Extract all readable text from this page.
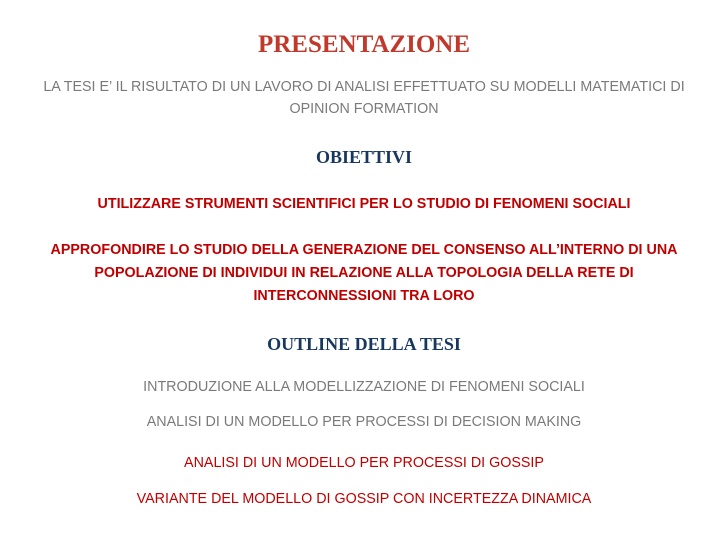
PRESENTAZIONE
LA TESI E’ IL RISULTATO DI UN LAVORO DI ANALISI EFFETTUATO SU MODELLI MATEMATICI DI
OPINION FORMATION
OBIETTIVI
UTILIZZARE STRUMENTI SCIENTIFICI PER LO STUDIO DI FENOMENI SOCIALI
APPROFONDIRE LO STUDIO DELLA GENERAZIONE DEL CONSENSO ALL’INTERNO DI UNA
POPOLAZIONE DI INDIVIDUI IN RELAZIONE ALLA TOPOLOGIA DELLA RETE DI
INTERCONNESSIONI TRA LORO
OUTLINE DELLA TESI
INTRODUZIONE ALLA MODELLIZZAZIONE DI FENOMENI SOCIALI
ANALISI DI UN MODELLO PER PROCESSI DI DECISION MAKING
ANALISI DI UN MODELLO PER PROCESSI DI GOSSIP
VARIANTE DEL MODELLO DI GOSSIP CON INCERTEZZA DINAMICA
